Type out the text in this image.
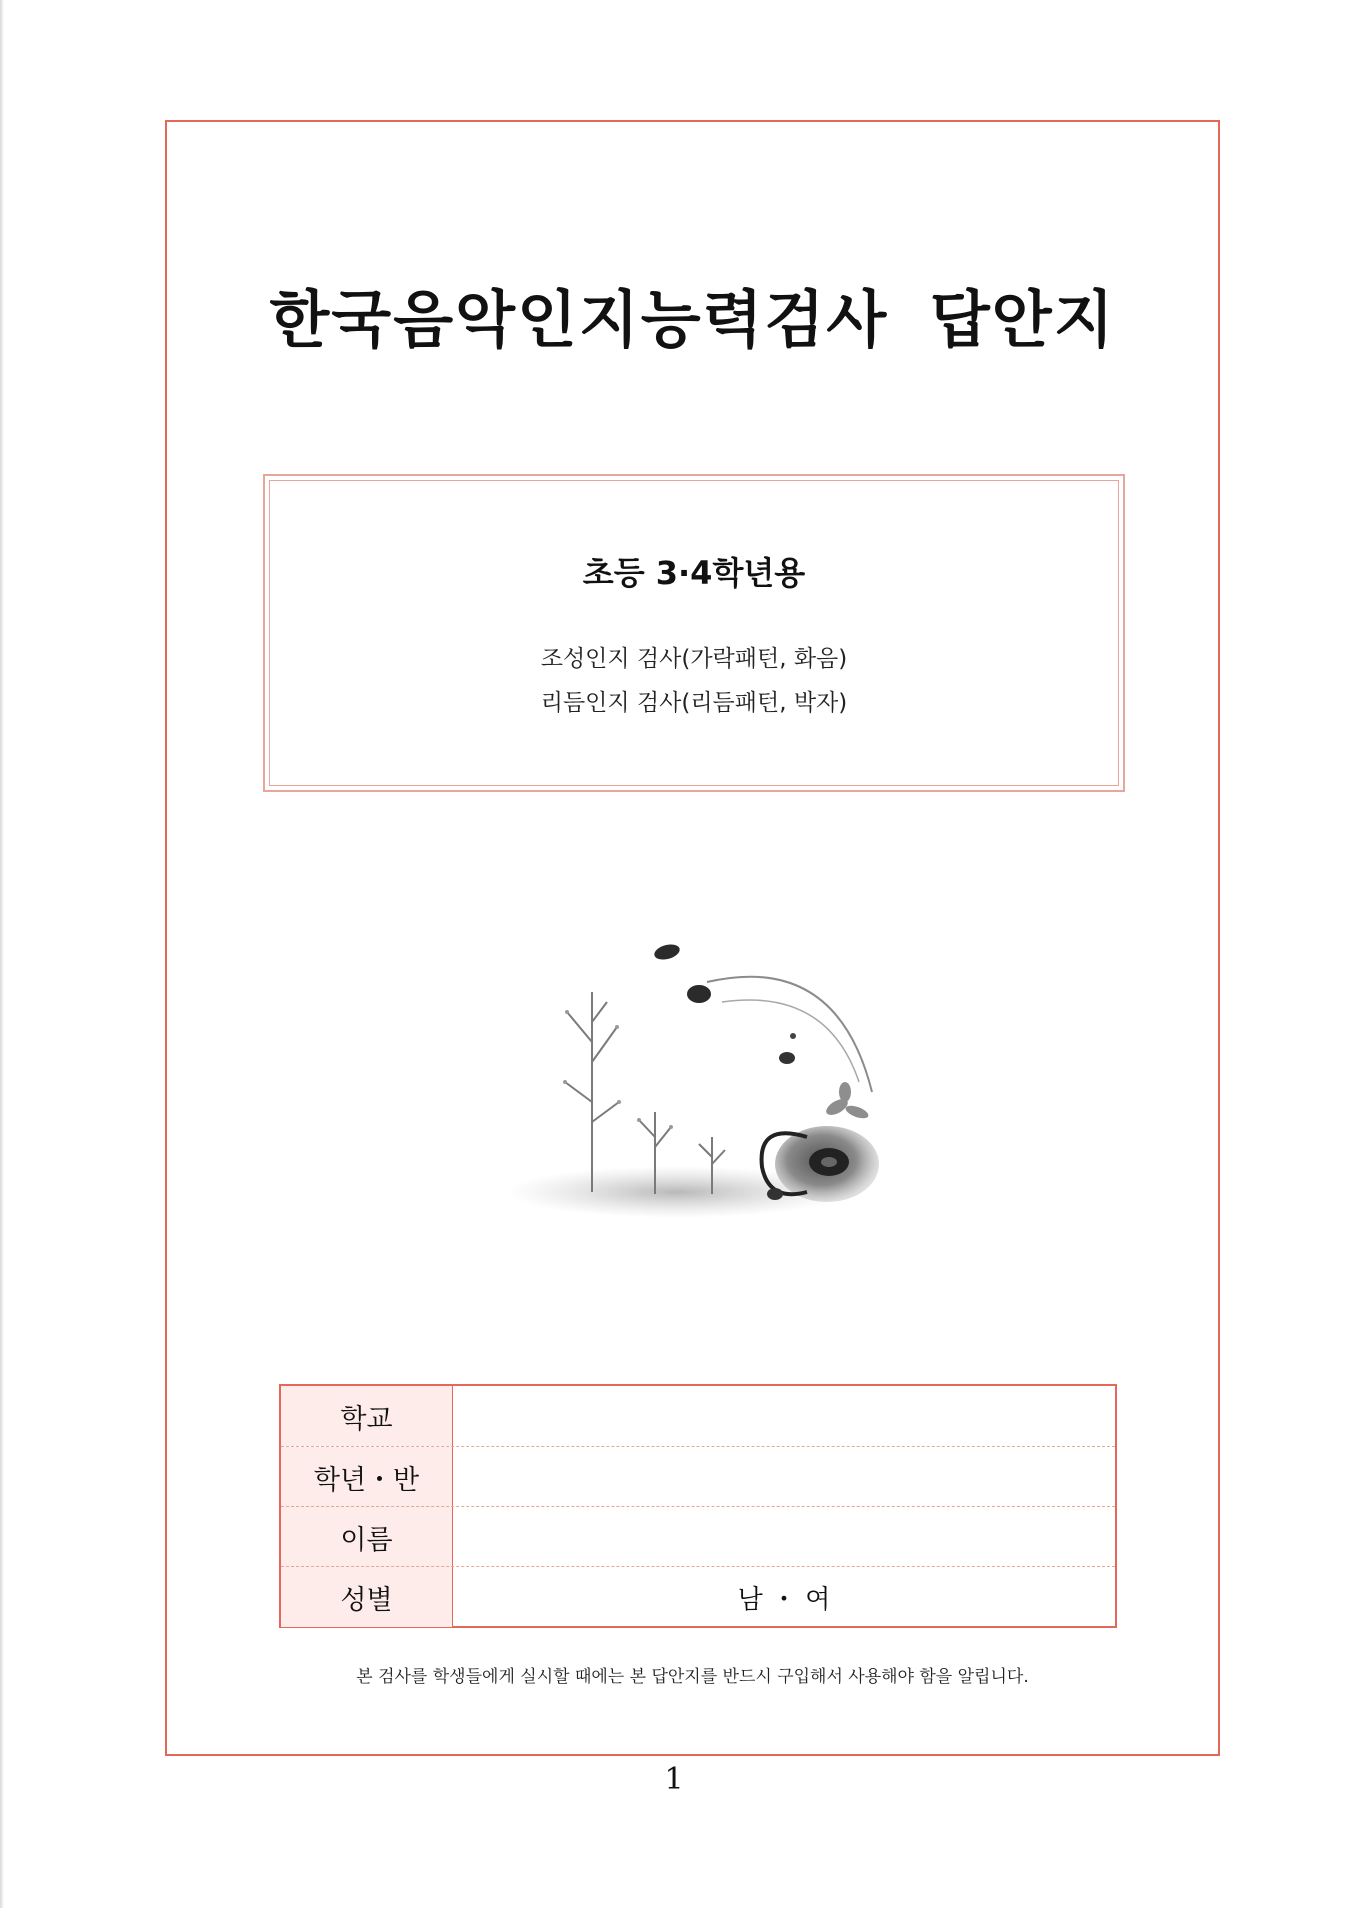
한국음악인지능력검사 답안지
초등 3·4학년용
조성인지 검사(가락패턴, 화음)
리듬인지 검사(리듬패턴, 박자)
학교
학년・반
이름
성별	남 ・ 여
본 검사를 학생들에게 실시할 때에는 본 답안지를 반드시 구입해서 사용해야 함을 알립니다.
1
